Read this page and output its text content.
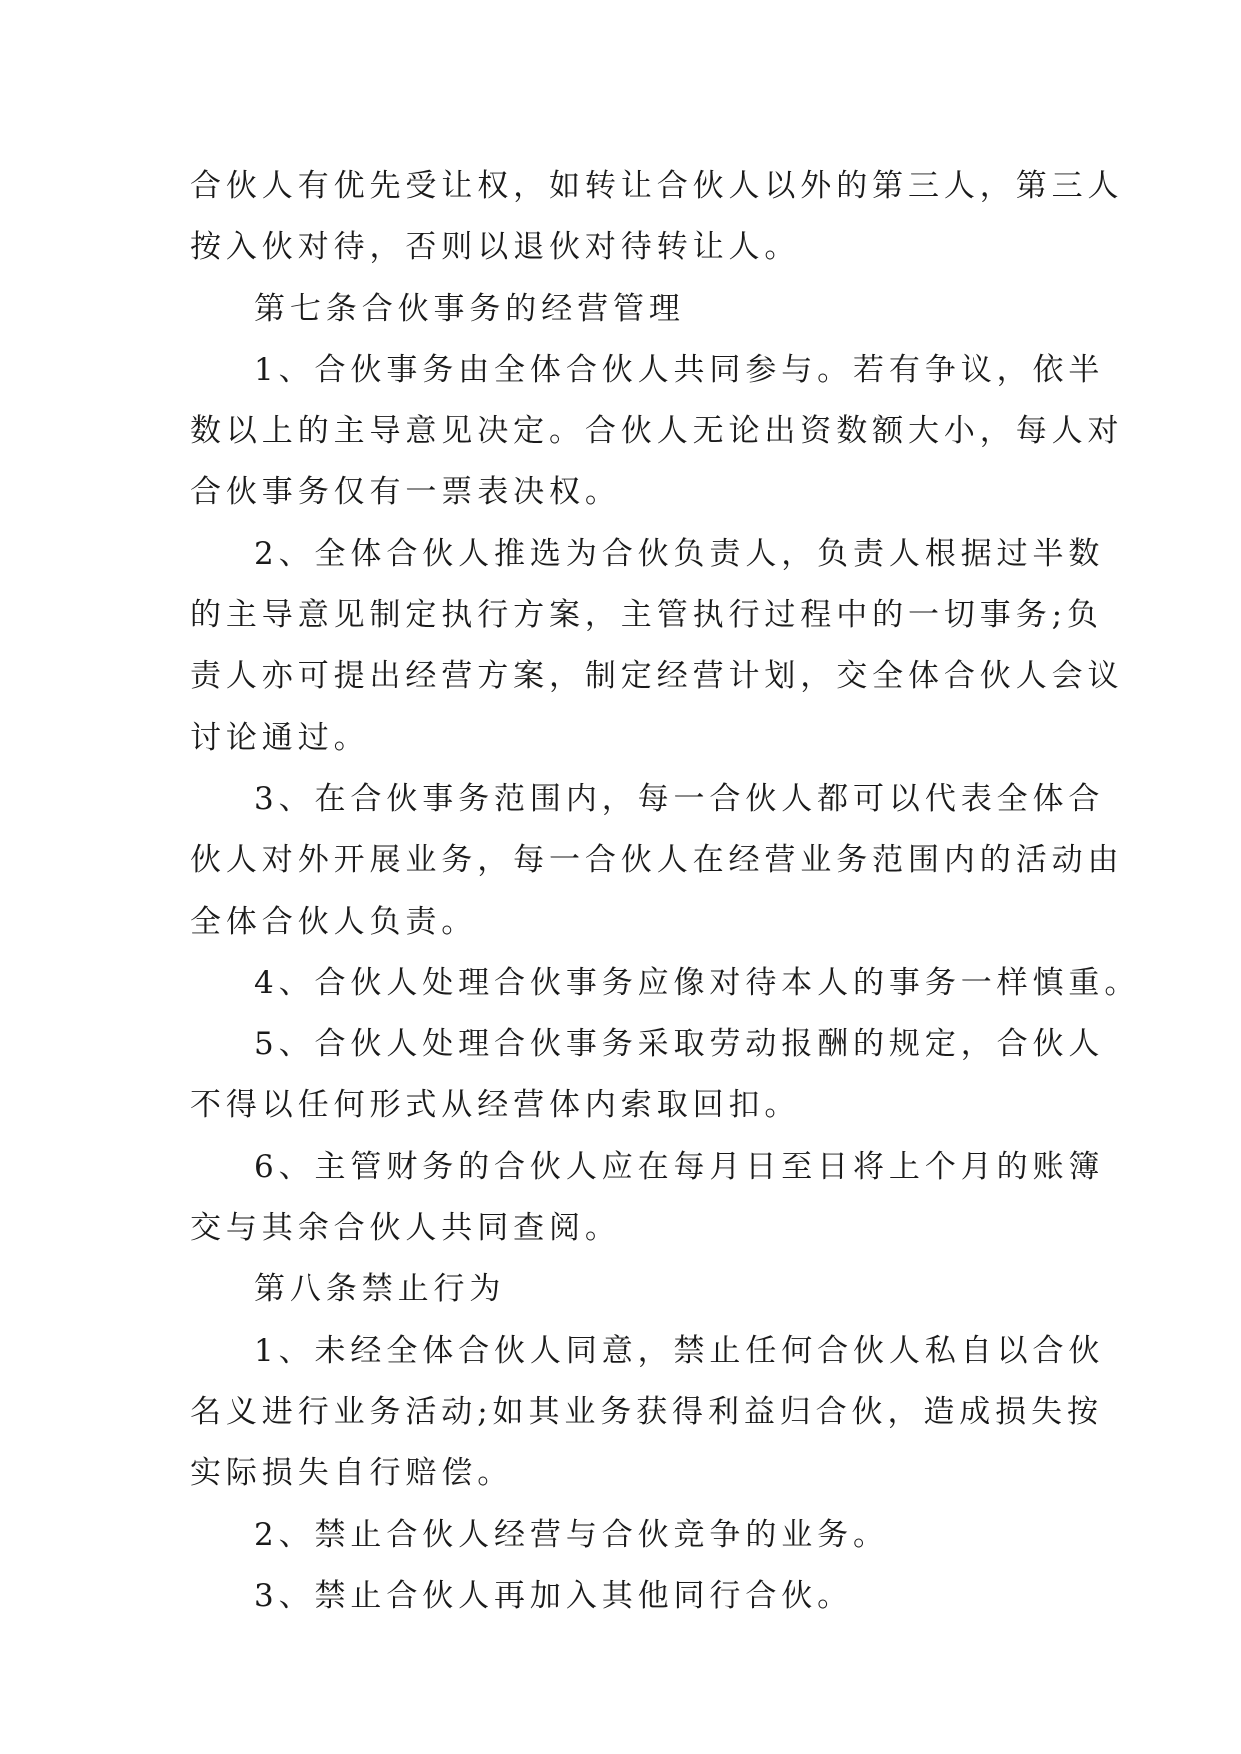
合伙人有优先受让权，如转让合伙人以外的第三人，第三人
按入伙对待，否则以退伙对待转让人。

第七条合伙事务的经营管理

1、合伙事务由全体合伙人共同参与。若有争议，依半
数以上的主导意见决定。合伙人无论出资数额大小，每人对
合伙事务仅有一票表决权。

2、全体合伙人推选为合伙负责人，负责人根据过半数
的主导意见制定执行方案，主管执行过程中的一切事务;负
责人亦可提出经营方案，制定经营计划，交全体合伙人会议
讨论通过。

3、在合伙事务范围内，每一合伙人都可以代表全体合
伙人对外开展业务，每一合伙人在经营业务范围内的活动由
全体合伙人负责。

4、合伙人处理合伙事务应像对待本人的事务一样慎重。

5、合伙人处理合伙事务采取劳动报酬的规定，合伙人
不得以任何形式从经营体内索取回扣。

6、主管财务的合伙人应在每月日至日将上个月的账簿
交与其余合伙人共同查阅。

第八条禁止行为

1、未经全体合伙人同意，禁止任何合伙人私自以合伙
名义进行业务活动;如其业务获得利益归合伙，造成损失按
实际损失自行赔偿。

2、禁止合伙人经营与合伙竞争的业务。

3、禁止合伙人再加入其他同行合伙。
